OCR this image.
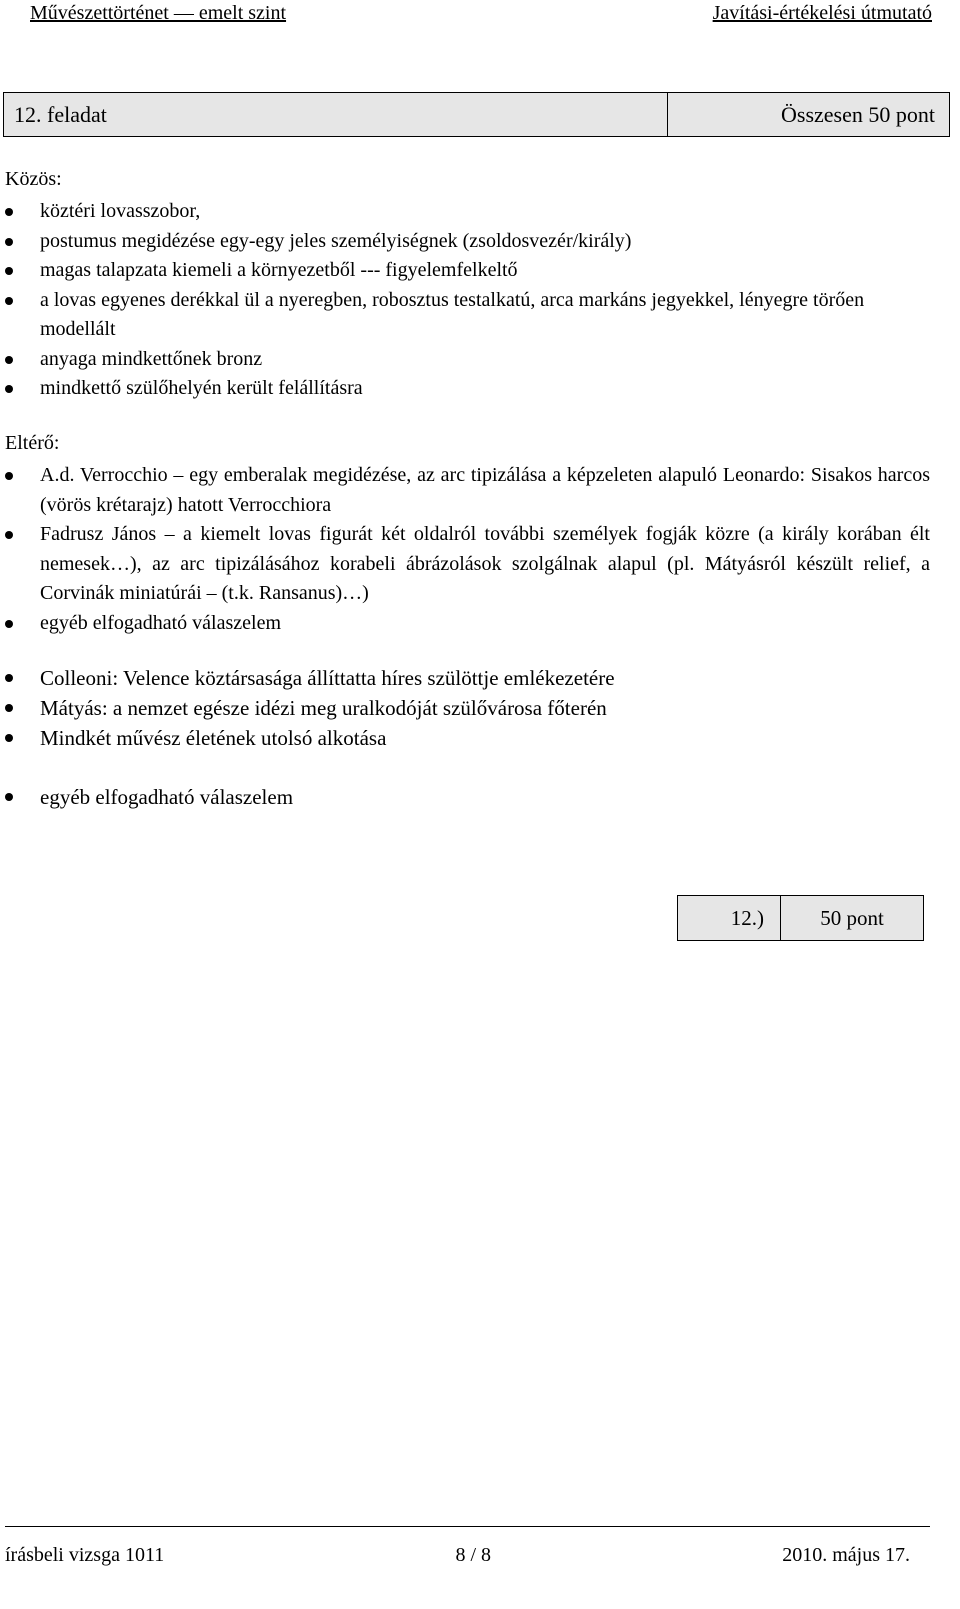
Művészettörténet — emelt szint	Javítási-értékelési útmutató
12. feladat	Összesen 50 pont
Közös:
köztéri lovasszobor,
postumus megidézése egy-egy jeles személyiségnek (zsoldosvezér/király)
magas talapzata kiemeli a környezetből --- figyelemfelkeltő
a lovas egyenes derékkal ül a nyeregben, robosztus testalkatú, arca markáns jegyekkel, lényegre törően modellált
anyaga mindkettőnek bronz
mindkettő szülőhelyén került felállításra
Eltérő:
A.d. Verrocchio – egy emberalak megidézése, az arc tipizálása a képzeleten alapuló Leonardo: Sisakos harcos (vörös krétarajz) hatott Verrocchiora
Fadrusz János – a kiemelt lovas figurát két oldalról további személyek fogják közre (a király korában élt nemesek…), az arc tipizálásához korabeli ábrázolások szolgálnak alapul (pl. Mátyásról készült relief, a Corvinák miniatúrái – (t.k. Ransanus)…)
egyéb elfogadható válaszelem
Colleoni: Velence köztársasága állíttatta híres szülöttje emlékezetére
Mátyás: a nemzet egésze idézi meg uralkodóját szülővárosa főterén
Mindkét művész életének utolsó alkotása
egyéb elfogadható válaszelem
12.)	50 pont
írásbeli vizsga 1011	8 / 8	2010. május 17.
